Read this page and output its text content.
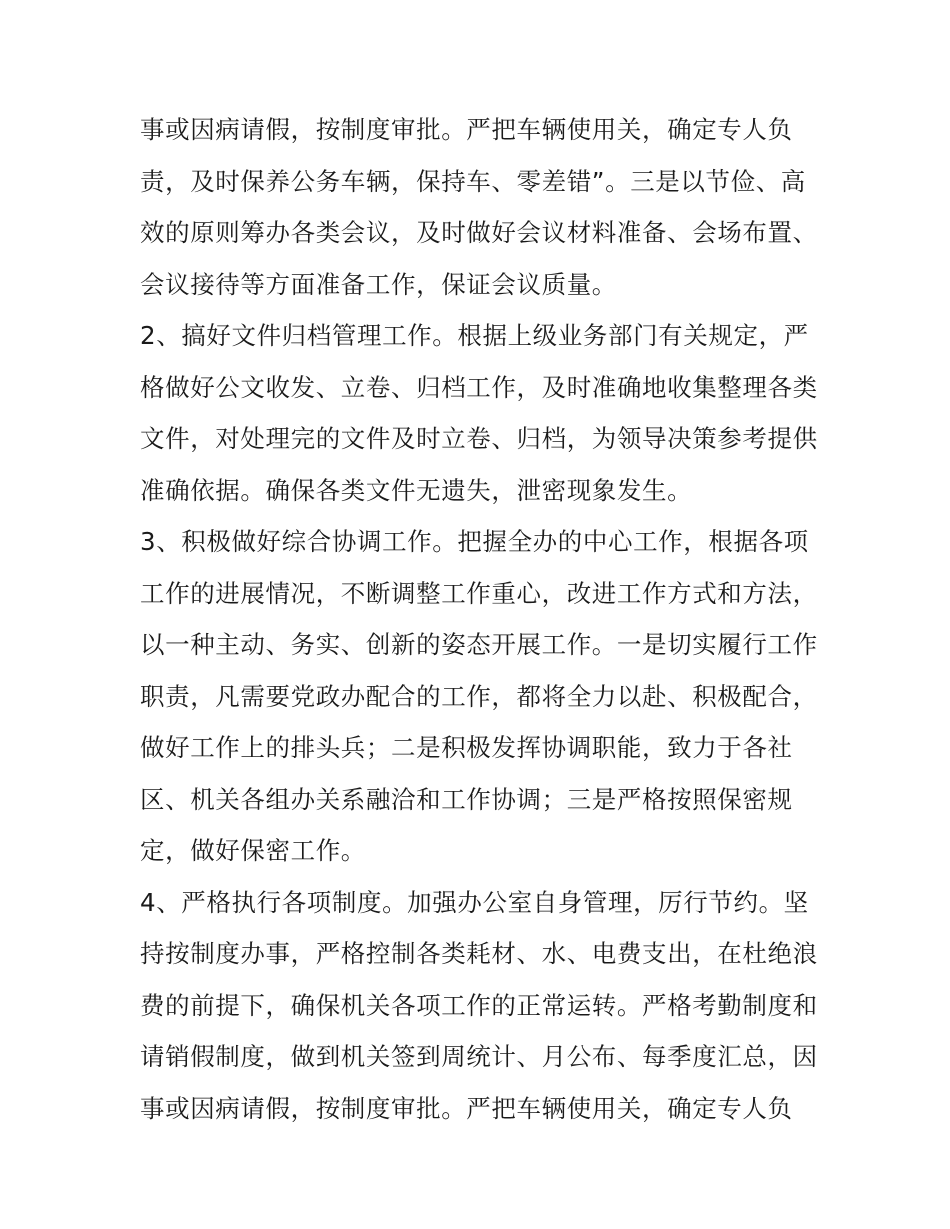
事或因病请假，按制度审批。严把车辆使用关，确定专人负
责，及时保养公务车辆，保持车、零差错”。三是以节俭、高
效的原则筹办各类会议，及时做好会议材料准备、会场布置、
会议接待等方面准备工作，保证会议质量。
2、搞好文件归档管理工作。根据上级业务部门有关规定，严
格做好公文收发、立卷、归档工作，及时准确地收集整理各类
文件，对处理完的文件及时立卷、归档，为领导决策参考提供
准确依据。确保各类文件无遗失，泄密现象发生。
3、积极做好综合协调工作。把握全办的中心工作，根据各项
工作的进展情况，不断调整工作重心，改进工作方式和方法，
以一种主动、务实、创新的姿态开展工作。一是切实履行工作
职责，凡需要党政办配合的工作，都将全力以赴、积极配合，
做好工作上的排头兵；二是积极发挥协调职能，致力于各社
区、机关各组办关系融洽和工作协调；三是严格按照保密规
定，做好保密工作。
4、严格执行各项制度。加强办公室自身管理，厉行节约。坚
持按制度办事，严格控制各类耗材、水、电费支出，在杜绝浪
费的前提下，确保机关各项工作的正常运转。严格考勤制度和
请销假制度，做到机关签到周统计、月公布、每季度汇总，因
事或因病请假，按制度审批。严把车辆使用关，确定专人负
